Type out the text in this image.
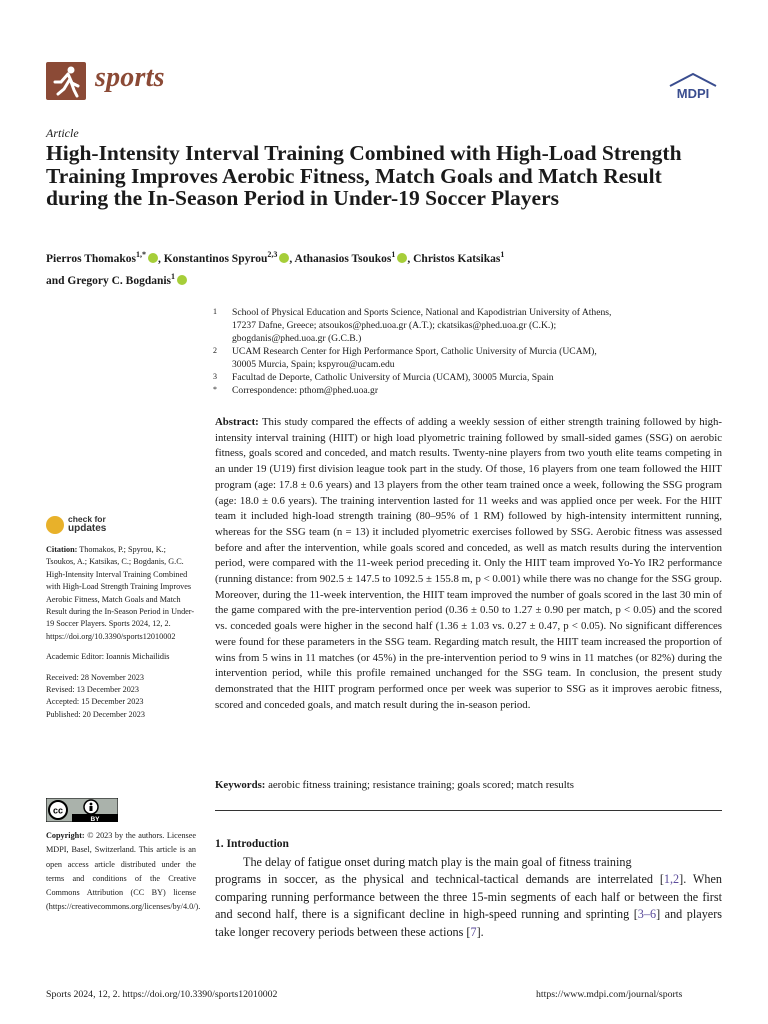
sports
MDPI
Article
High-Intensity Interval Training Combined with High-Load Strength Training Improves Aerobic Fitness, Match Goals and Match Result during the In-Season Period in Under-19 Soccer Players
Pierros Thomakos$^{1,*}$ , Konstantinos Spyrou$^{2,3}$ , Athanasios Tsoukos$^1$ , Christos Katsikas$^1$
and Gregory C. Bogdanis$^1$
1 School of Physical Education and Sports Science, National and Kapodistrian University of Athens,
17237 Dafne, Greece; atsoukos@phed.uoa.gr (A.T.); ckatsikas@phed.uoa.gr (C.K.);
gbogdanis@phed.uoa.gr (G.C.B.)
2 UCAM Research Center for High Performance Sport, Catholic University of Murcia (UCAM),
30005 Murcia, Spain; kspyrou@ucam.edu
3 Facultad de Deporte, Catholic University of Murcia (UCAM), 30005 Murcia, Spain
* Correspondence: pthom@phed.uoa.gr
Abstract: This study compared the effects of adding a weekly session of either strength training followed by high-intensity interval training (HIIT) or high load plyometric training followed by small-sided games (SSG) on aerobic fitness, goals scored and conceded, and match results. Twenty-nine players from two youth elite teams competing in an under 19 (U19) first division league took part in the study. Of those, 16 players from one team followed the HIIT program (age: 17.8 ± 0.6 years) and 13 players from the other team trained once a week, following the SSG program (age: 18.0 ± 0.6 years). The training intervention lasted for 11 weeks and was applied once per week. For the HIIT team it included high-load strength training (80–95% of 1 RM) followed by high-intensity intermittent running, whereas for the SSG team (n = 13) it included plyometric exercises followed by SSG. Aerobic fitness was assessed before and after the intervention, while goals scored and conceded, as well as match results during the intervention period, were compared with the 11-week period preceding it. Only the HIIT team improved Yo-Yo IR2 performance (running distance: from 902.5 ± 147.5 to 1092.5 ± 155.8 m, p < 0.001) while there was no change for the SSG group. Moreover, during the 11-week intervention, the HIIT team improved the number of goals scored in the last 30 min of the game compared with the pre-intervention period (0.36 ± 0.50 to 1.27 ± 0.90 per match, p < 0.05) and the scored vs. conceded goals were higher in the second half (1.36 ± 1.03 vs. 0.27 ± 0.47, p < 0.05). No significant differences were found for these parameters in the SSG team. Regarding match result, the HIIT team increased the proportion of wins from 5 wins in 11 matches (or 45%) in the pre-intervention period to 9 wins in 11 matches (or 82%) during the intervention period, while this profile remained unchanged for the SSG team. In conclusion, the present study demonstrated that the HIIT program performed once per week was superior to SSG as it improves aerobic fitness, scored and conceded goals, and match result during the in-season period.
Keywords: aerobic fitness training; resistance training; goals scored; match results
check for
updates
Citation: Thomakos, P.; Spyrou, K.; Tsoukos, A.; Katsikas, C.; Bogdanis, G.C. High-Intensity Interval Training Combined with High-Load Strength Training Improves Aerobic Fitness, Match Goals and Match Result during the In-Season Period in Under-19 Soccer Players. Sports 2024, 12, 2. https://doi.org/10.3390/sports12010002
Academic Editor: Ioannis Michailidis
Received: 28 November 2023
Revised: 13 December 2023
Accepted: 15 December 2023
Published: 20 December 2023
cc
BY
Copyright: © 2023 by the authors. Licensee MDPI, Basel, Switzerland. This article is an open access article distributed under the terms and conditions of the Creative Commons Attribution (CC BY) license (https://creativecommons.org/licenses/by/4.0/).
1. Introduction
The delay of fatigue onset during match play is the main goal of fitness training
programs in soccer, as the physical and technical-tactical demands are interrelated [1,2]. When comparing running performance between the three 15-min segments of each half or between the first and second half, there is a significant decline in high-speed running and sprinting [3–6] and players take longer recovery periods between these actions [7].
Sports 2024, 12, 2. https://doi.org/10.3390/sports12010002	https://www.mdpi.com/journal/sports
